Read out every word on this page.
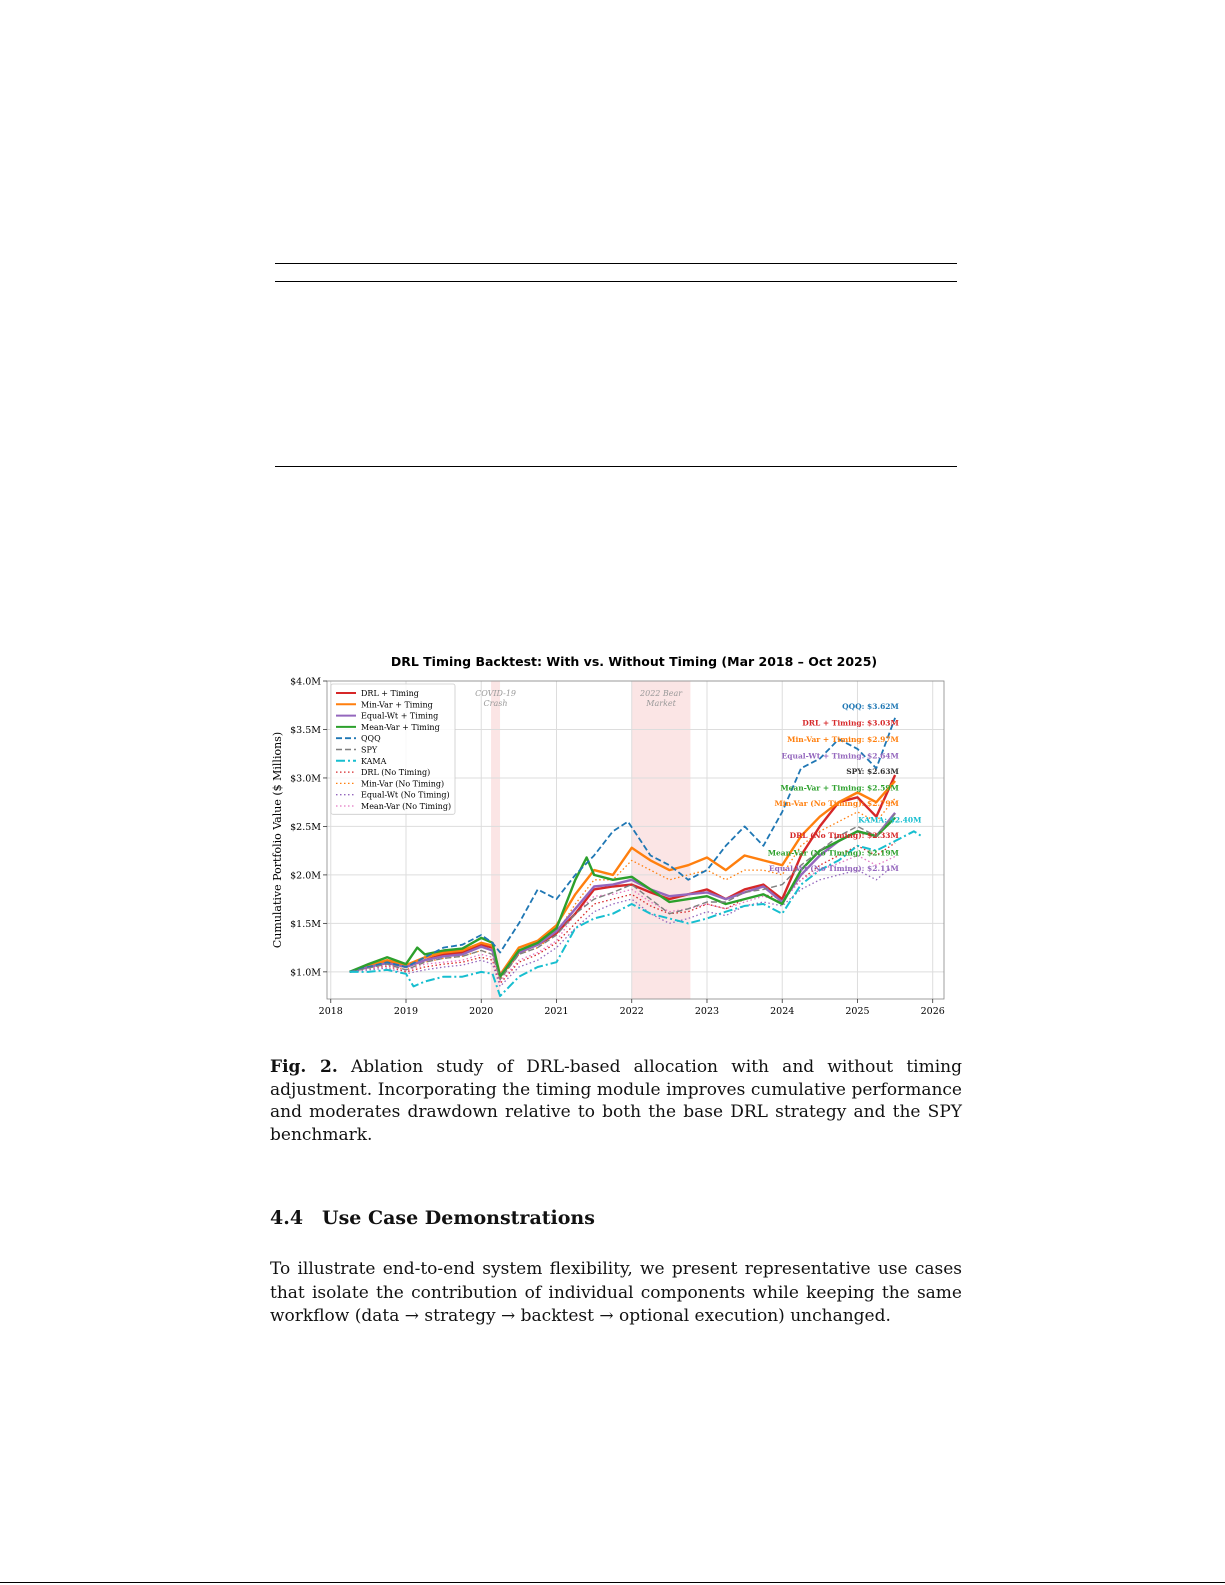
DRL Timing Backtest: With vs. Without Timing (Mar 2018 – Oct 2025)
Cumulative Portfolio Value ($ Millions)
COVID-19
Crash
2022 Bear
Market
2018	2019	2020	2021	2022	2023	2024	2025	2026
$1.0M
$1.5M
$2.0M
$2.5M
$3.0M
$3.5M
$4.0M
QQQ: $3.62M
DRL + Timing: $3.03M
Min-Var + Timing: $2.97M
Equal-Wt + Timing: $2.64M
SPY: $2.63M
Mean-Var + Timing: $2.59M
Min-Var (No Timing): $2.79M
KAMA: $2.40M
DRL (No Timing): $2.33M
Mean-Var (No Timing): $2.19M
Equal-Wt (No Timing): $2.11M
DRL + Timing
Min-Var + Timing
Equal-Wt + Timing
Mean-Var + Timing
QQQ
SPY
KAMA
DRL (No Timing)
Min-Var (No Timing)
Equal-Wt (No Timing)
Mean-Var (No Timing)
Fig. 2. Ablation study of DRL-based allocation with and without timing adjustment. Incorporating the timing module improves cumulative performance and moderates drawdown relative to both the base DRL strategy and the SPY benchmark.
4.4 Use Case Demonstrations
To illustrate end-to-end system flexibility, we present representative use cases
that isolate the contribution of individual components while keeping the same
workflow (data → strategy → backtest → optional execution) unchanged.
